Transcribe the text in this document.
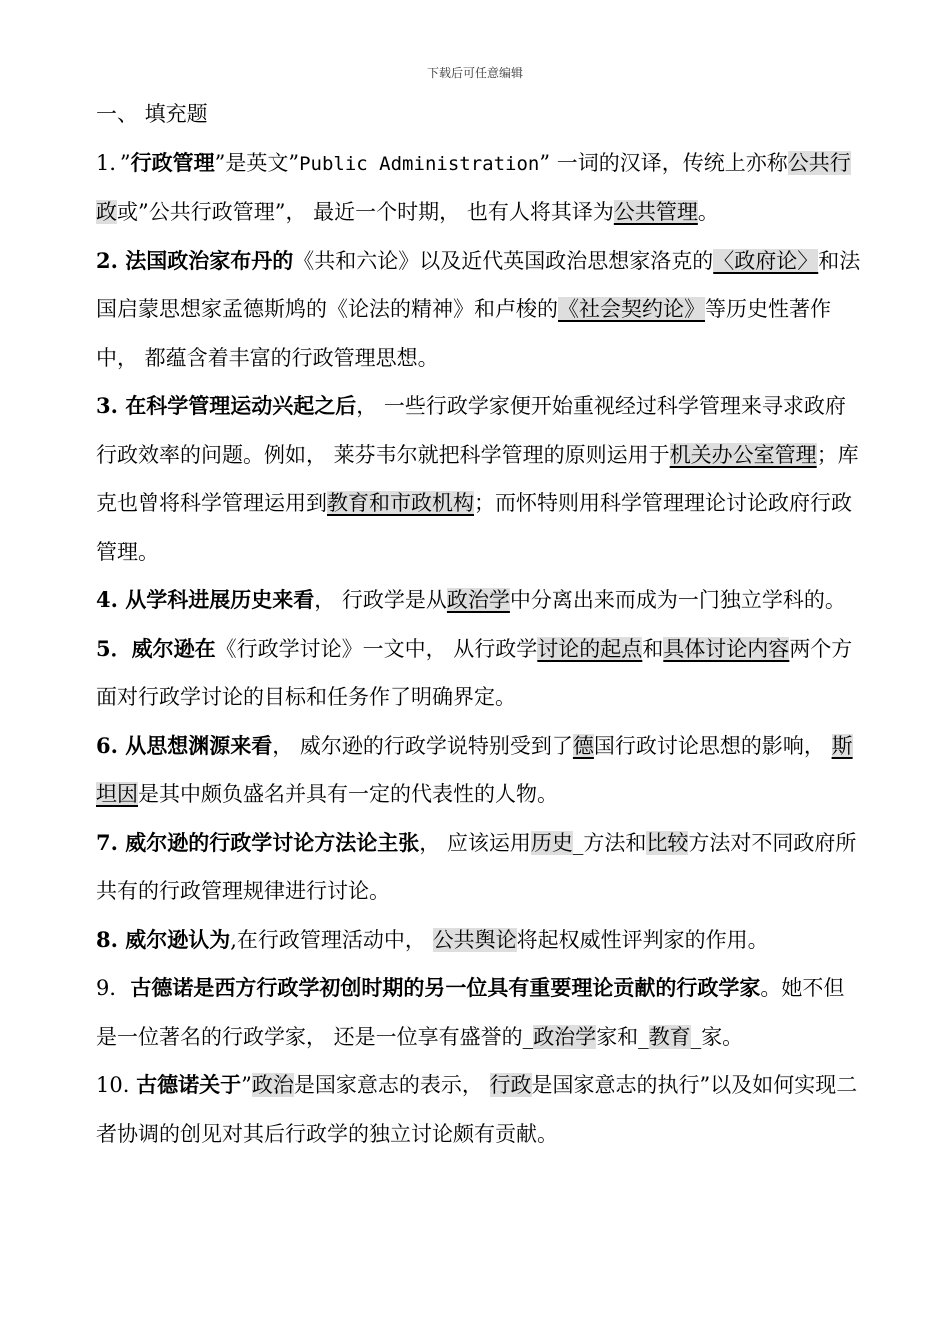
下载后可任意编辑

一、 填充题

1．”行政管理”是英文”Public Administration” 一词的汉译，传统上亦称公共行政或”公共行政管理”， 最近一个时期， 也有人将其译为公共管理。

2. 法国政治家布丹的《共和六论》以及近代英国政治思想家洛克的〈政府论〉和法国启蒙思想家孟德斯鸠的《论法的精神》和卢梭的《社会契约论》等历史性著作中， 都蕴含着丰富的行政管理思想。

3. 在科学管理运动兴起之后， 一些行政学家便开始重视经过科学管理来寻求政府行政效率的问题。例如， 莱芬韦尔就把科学管理的原则运用于机关办公室管理；库克也曾将科学管理运用到教育和市政机构；而怀特则用科学管理理论讨论政府行政管理。

4. 从学科进展历史来看， 行政学是从政治学中分离出来而成为一门独立学科的。

5．威尔逊在《行政学讨论》一文中， 从行政学讨论的起点和具体讨论内容两个方面对行政学讨论的目标和任务作了明确界定。

6. 从思想渊源来看， 威尔逊的行政学说特别受到了德国行政讨论思想的影响， 斯坦因是其中颇负盛名并具有一定的代表性的人物。

7. 威尔逊的行政学讨论方法论主张， 应该运用历史_方法和比较方法对不同政府所共有的行政管理规律进行讨论。

8. 威尔逊认为,在行政管理活动中， 公共舆论将起权威性评判家的作用。

9．古德诺是西方行政学初创时期的另一位具有重要理论贡献的行政学家。她不但是一位著名的行政学家， 还是一位享有盛誉的_政治学家和_教育_家。

10. 古德诺关于”政治是国家意志的表示， 行政是国家意志的执行”以及如何实现二者协调的创见对其后行政学的独立讨论颇有贡献。
